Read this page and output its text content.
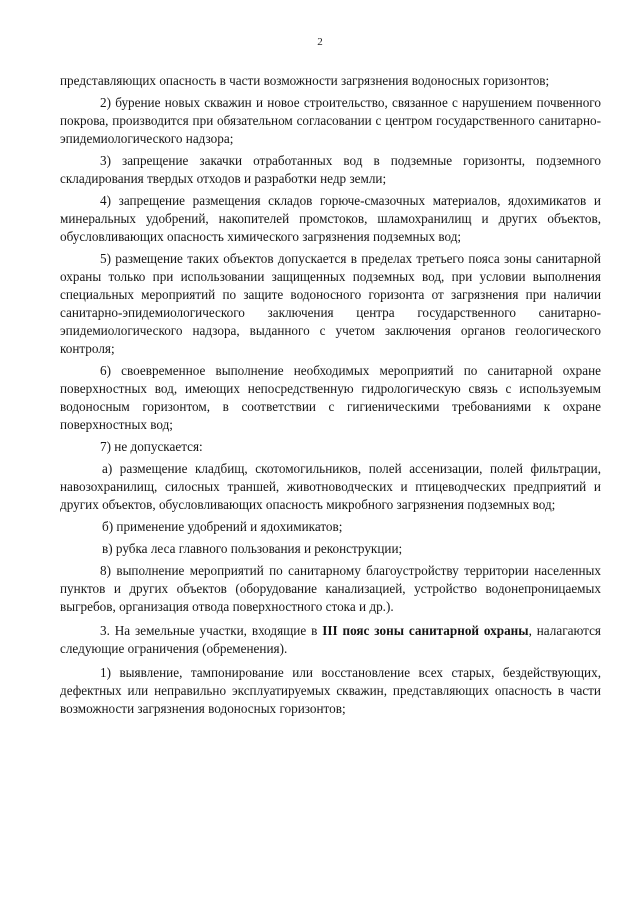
2

представляющих опасность в части возможности загрязнения водоносных горизонтов;

2) бурение новых скважин и новое строительство, связанное с нарушением почвенного покрова, производится при обязательном согласовании с центром государственного санитарно-эпидемиологического надзора;

3) запрещение закачки отработанных вод в подземные горизонты, подземного складирования твердых отходов и разработки недр земли;

4) запрещение размещения складов горюче-смазочных материалов, ядохимикатов и минеральных удобрений, накопителей промстоков, шламохранилищ и других объектов, обусловливающих опасность химического загрязнения подземных вод;

5) размещение таких объектов допускается в пределах третьего пояса зоны санитарной охраны только при использовании защищенных подземных вод, при условии выполнения специальных мероприятий по защите водоносного горизонта от загрязнения при наличии санитарно-эпидемиологического заключения центра государственного санитарно-эпидемиологического надзора, выданного с учетом заключения органов геологического контроля;

6) своевременное выполнение необходимых мероприятий по санитарной охране поверхностных вод, имеющих непосредственную гидрологическую связь с используемым водоносным горизонтом, в соответствии с гигиеническими требованиями к охране поверхностных вод;

7) не допускается:

а) размещение кладбищ, скотомогильников, полей ассенизации, полей фильтрации, навозохранилищ, силосных траншей, животноводческих и птицеводческих предприятий и других объектов, обусловливающих опасность микробного загрязнения подземных вод;

б) применение удобрений и ядохимикатов;

в) рубка леса главного пользования и реконструкции;

8) выполнение мероприятий по санитарному благоустройству территории населенных пунктов и других объектов (оборудование канализацией, устройство водонепроницаемых выгребов, организация отвода поверхностного стока и др.).

3. На земельные участки, входящие в III пояс зоны санитарной охраны, налагаются следующие ограничения (обременения).

1) выявление, тампонирование или восстановление всех старых, бездействующих, дефектных или неправильно эксплуатируемых скважин, представляющих опасность в части возможности загрязнения водоносных горизонтов;
